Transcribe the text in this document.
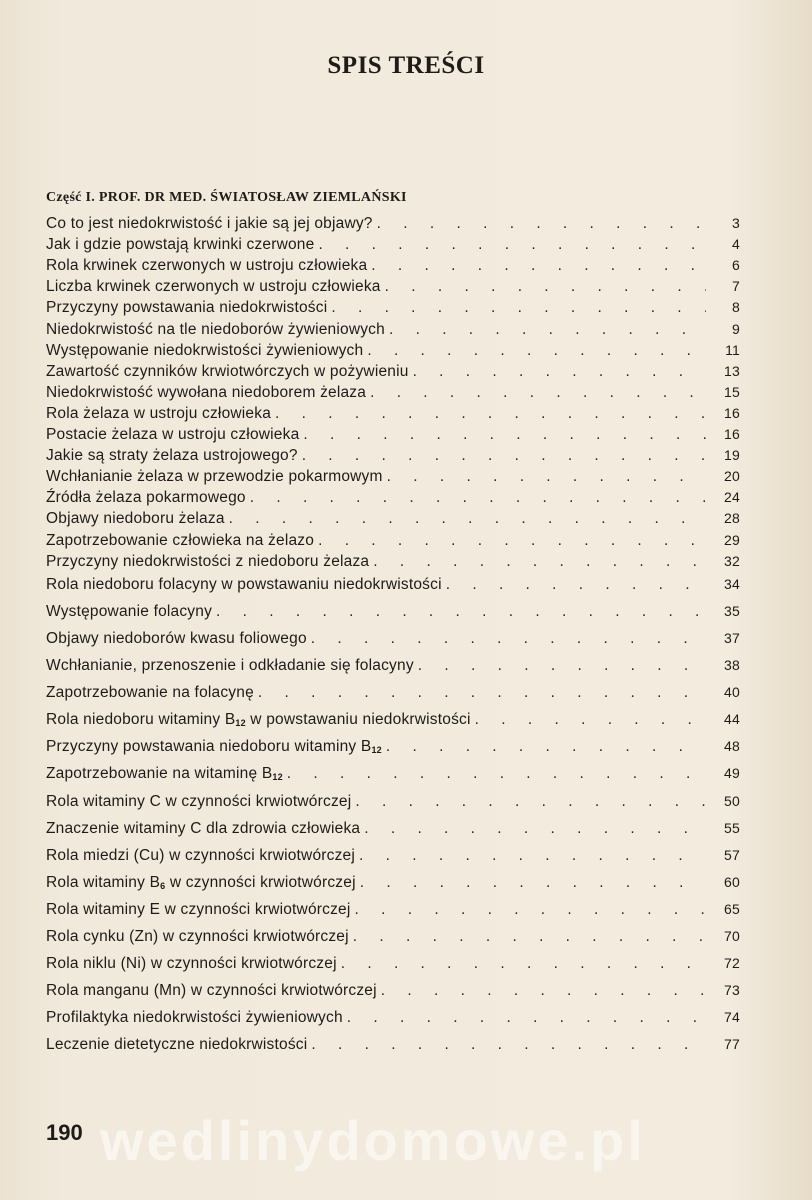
SPIS TREŚCI
Część I. PROF. DR MED. ŚWIATOSŁAW ZIEMLAŃSKI
Co to jest niedokrwistość i jakie są jej objawy? . . .	3
Jak i gdzie powstają krwinki czerwone . . .	4
Rola krwinek czerwonych w ustroju człowieka . . .	6
Liczba krwinek czerwonych w ustroju człowieka . . .	7
Przyczyny powstawania niedokrwistości . . .	8
Niedokrwistość na tle niedoborów żywieniowych . . .	9
Występowanie niedokrwistości żywieniowych . . .	11
Zawartość czynników krwiotwórczych w pożywieniu . . .	13
Niedokrwistość wywołana niedoborem żelaza . . .	15
Rola żelaza w ustroju człowieka . . .	16
Postacie żelaza w ustroju człowieka . . .	16
Jakie są straty żelaza ustrojowego? . . .	19
Wchłanianie żelaza w przewodzie pokarmowym . . .	20
Źródła żelaza pokarmowego . . .	24
Objawy niedoboru żelaza . . .	28
Zapotrzebowanie człowieka na żelazo . . .	29
Przyczyny niedokrwistości z niedoboru żelaza . . .	32
Rola niedoboru folacyny w powstawaniu niedokrwistości . . .	34
Występowanie folacyny . . .	35
Objawy niedoborów kwasu foliowego . . .	37
Wchłanianie, przenoszenie i odkładanie się folacyny . . .	38
Zapotrzebowanie na folacynę . . .	40
Rola niedoboru witaminy $B_{12}$ w powstawaniu niedokrwistości . . .	44
Przyczyny powstawania niedoboru witaminy $B_{12}$ . . .	48
Zapotrzebowanie na witaminę $B_{12}$ . . .	49
Rola witaminy C w czynności krwiotwórczej . . .	50
Znaczenie witaminy C dla zdrowia człowieka . . .	55
Rola miedzi (Cu) w czynności krwiotwórczej . . .	57
Rola witaminy $B_6$ w czynności krwiotwórczej . . .	60
Rola witaminy E w czynności krwiotwórczej . . .	65
Rola cynku (Zn) w czynności krwiotwórczej . . .	70
Rola niklu (Ni) w czynności krwiotwórczej . . .	72
Rola manganu (Mn) w czynności krwiotwórczej . . .	73
Profilaktyka niedokrwistości żywieniowych . . .	74
Leczenie dietetyczne niedokrwistości . . .	77
wedlinydomowe.pl
190
